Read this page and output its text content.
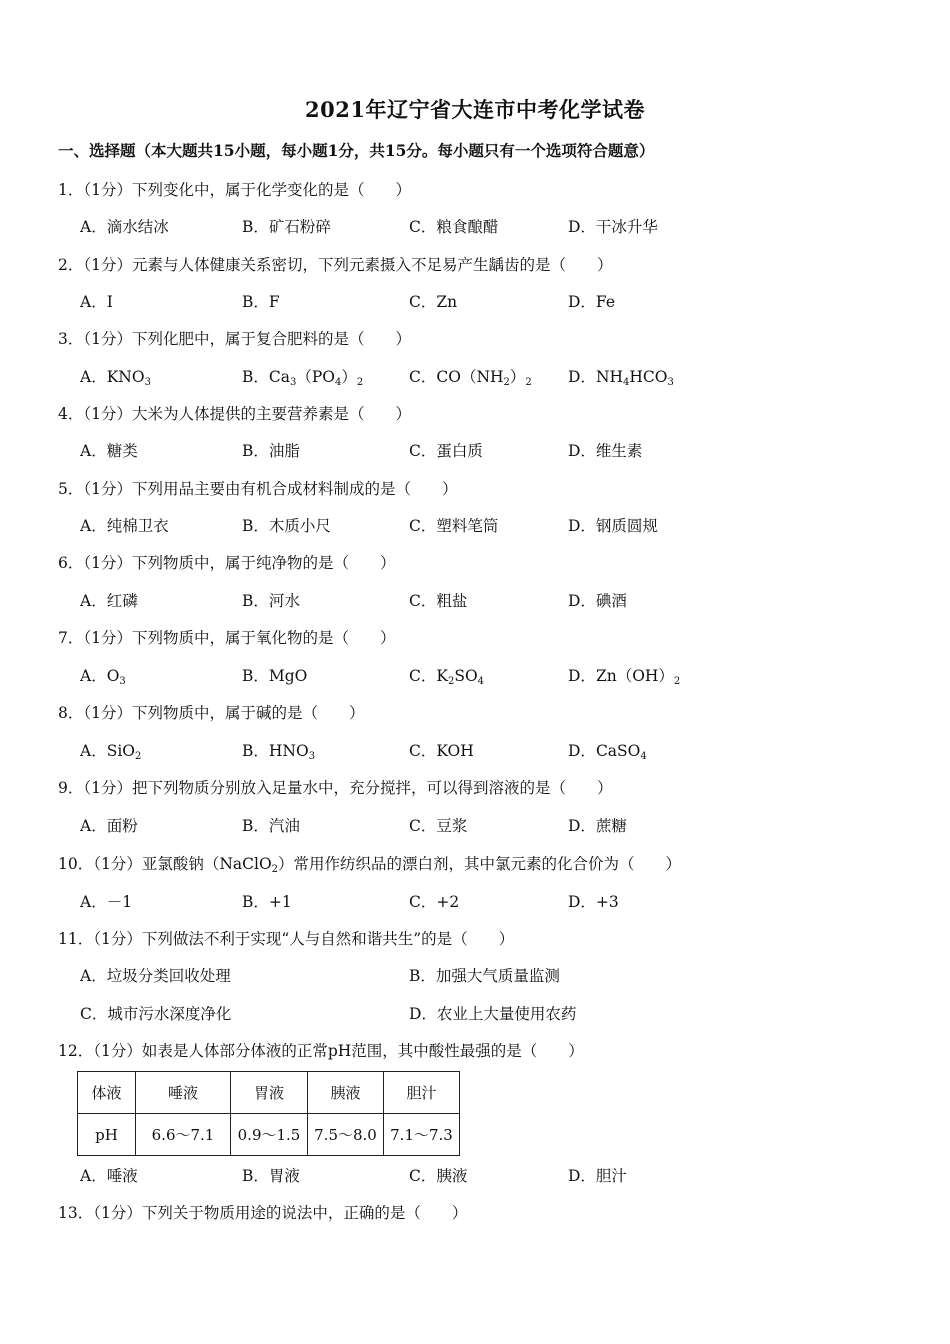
2021年辽宁省大连市中考化学试卷
一、选择题（本大题共15小题，每小题1分，共15分。每小题只有一个选项符合题意）
1．（1分）下列变化中，属于化学变化的是（　　）
A．滴水结冰	B．矿石粉碎	C．粮食酿醋	D．干冰升华
2．（1分）元素与人体健康关系密切，下列元素摄入不足易产生龋齿的是（　　）
A．I	B．F	C．Zn	D．Fe
3．（1分）下列化肥中，属于复合肥料的是（　　）
A．$KNO_3$	B．$Ca_3(PO_4)_2$	C．$CO(NH_2)_2$ D．$NH_4HCO_3$
4．（1分）大米为人体提供的主要营养素是（　　）
A．糖类	B．油脂	C．蛋白质	D．维生素
5．（1分）下列用品主要由有机合成材料制成的是（　　）
A．纯棉卫衣	B．木质小尺	C．塑料笔筒	D．钢质圆规
6．（1分）下列物质中，属于纯净物的是（　　）
A．红磷	B．河水	C．粗盐	D．碘酒
7．（1分）下列物质中，属于氧化物的是（　　）
A．$O_3$	B．MgO	C．$K_2SO_4$	D．$Zn(OH)_2$
8．（1分）下列物质中，属于碱的是（　　）
A．SiO$_2$	B．$HNO_3$	C．KOH	D．CaSO$_4$
9．（1分）把下列物质分别放入足量水中，充分搅拌，可以得到溶液的是（　　）
A．面粉	B．汽油	C．豆浆	D．蔗糖
10．（1分）亚氯酸钠（NaClO$_2$）常用作纺织品的漂白剂，其中氯元素的化合价为（　　）
A．－1	B．+1	C．+2	D．+3
11．（1分）下列做法不利于实现“人与自然和谐共生”的是（　　）
A．垃圾分类回收处理	B．加强大气质量监测
C．城市污水深度净化	D．农业上大量使用农药
12．（1分）如表是人体部分体液的正常pH范围，其中酸性最强的是（　　）
体液	唾液	胃液	胰液	胆汁
pH	6.6～7.1	0.9～1.5	7.5～8.0	7.1～7.3
A．唾液	B．胃液	C．胰液	D．胆汁
13．（1分）下列关于物质用途的说法中，正确的是（　　）
